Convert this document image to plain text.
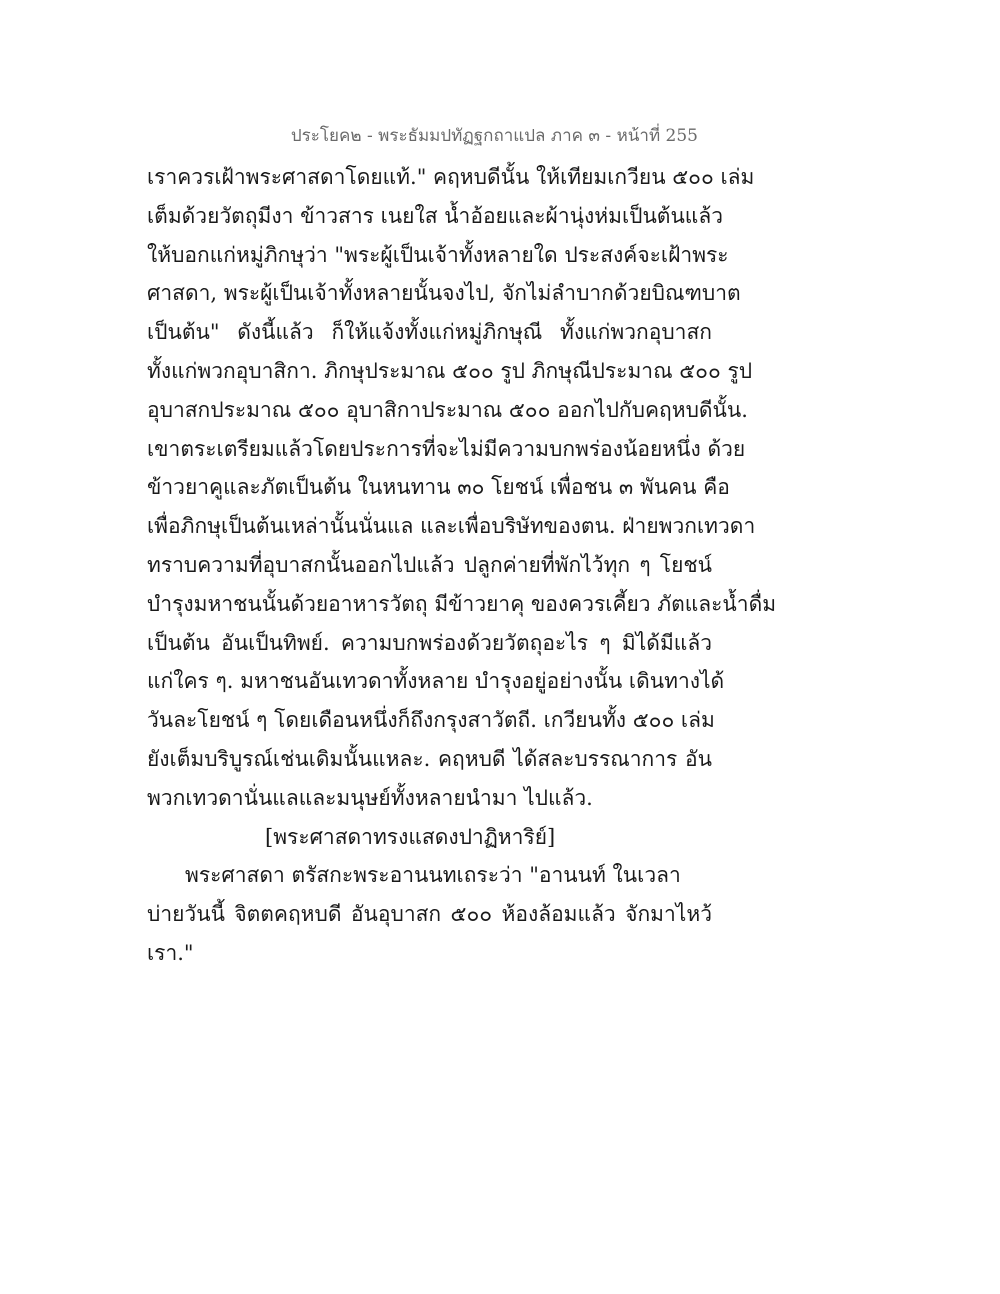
ประโยค๒ - พระธัมมปทัฏฐกถาแปล ภาค ๓ - หน้าที่ 255
เราควรเฝ้าพระศาสดาโดยแท้." คฤหบดีนั้น ให้เทียมเกวียน ๕๐๐ เล่ม
เต็มด้วยวัตถุมีงา ข้าวสาร เนยใส น้ำอ้อยและผ้านุ่งห่มเป็นต้นแล้ว
ให้บอกแก่หมู่ภิกษุว่า "พระผู้เป็นเจ้าทั้งหลายใด ประสงค์จะเฝ้าพระ
ศาสดา, พระผู้เป็นเจ้าทั้งหลายนั้นจงไป, จักไม่ลำบากด้วยบิณฑบาต
เป็นต้น" ดังนี้แล้ว ก็ให้แจ้งทั้งแก่หมู่ภิกษุณี ทั้งแก่พวกอุบาสก
ทั้งแก่พวกอุบาสิกา. ภิกษุประมาณ ๕๐๐ รูป ภิกษุณีประมาณ ๕๐๐ รูป
อุบาสกประมาณ ๕๐๐ อุบาสิกาประมาณ ๕๐๐ ออกไปกับคฤหบดีนั้น.
เขาตระเตรียมแล้วโดยประการที่จะไม่มีความบกพร่องน้อยหนึ่ง ด้วย
ข้าวยาคูและภัตเป็นต้น ในหนทาน ๓๐ โยชน์ เพื่อชน ๓ พันคน คือ
เพื่อภิกษุเป็นต้นเหล่านั้นนั่นแล และเพื่อบริษัทของตน. ฝ่ายพวกเทวดา
ทราบความที่อุบาสกนั้นออกไปแล้ว ปลูกค่ายที่พักไว้ทุก ๆ โยชน์
บำรุงมหาชนนั้นด้วยอาหารวัตถุ มีข้าวยาคุ ของควรเคี้ยว ภัตและน้ำดื่ม
เป็นต้น อันเป็นทิพย์. ความบกพร่องด้วยวัตถุอะไร ๆ มิได้มีแล้ว
แก่ใคร ๆ. มหาชนอันเทวดาทั้งหลาย บำรุงอยู่อย่างนั้น เดินทางได้
วันละโยชน์ ๆ โดยเดือนหนึ่งก็ถึงกรุงสาวัตถี. เกวียนทั้ง ๕๐๐ เล่ม
ยังเต็มบริบูรณ์เช่นเดิมนั้นแหละ. คฤหบดี ได้สละบรรณาการ อัน
พวกเทวดานั่นแลและมนุษย์ทั้งหลายนำมา ไปแล้ว.
[พระศาสดาทรงแสดงปาฏิหาริย์]
พระศาสดา ตรัสกะพระอานนทเถระว่า "อานนท์ ในเวลา
บ่ายวันนี้ จิตตคฤหบดี อันอุบาสก ๕๐๐ ห้องล้อมแล้ว จักมาไหว้
เรา."
